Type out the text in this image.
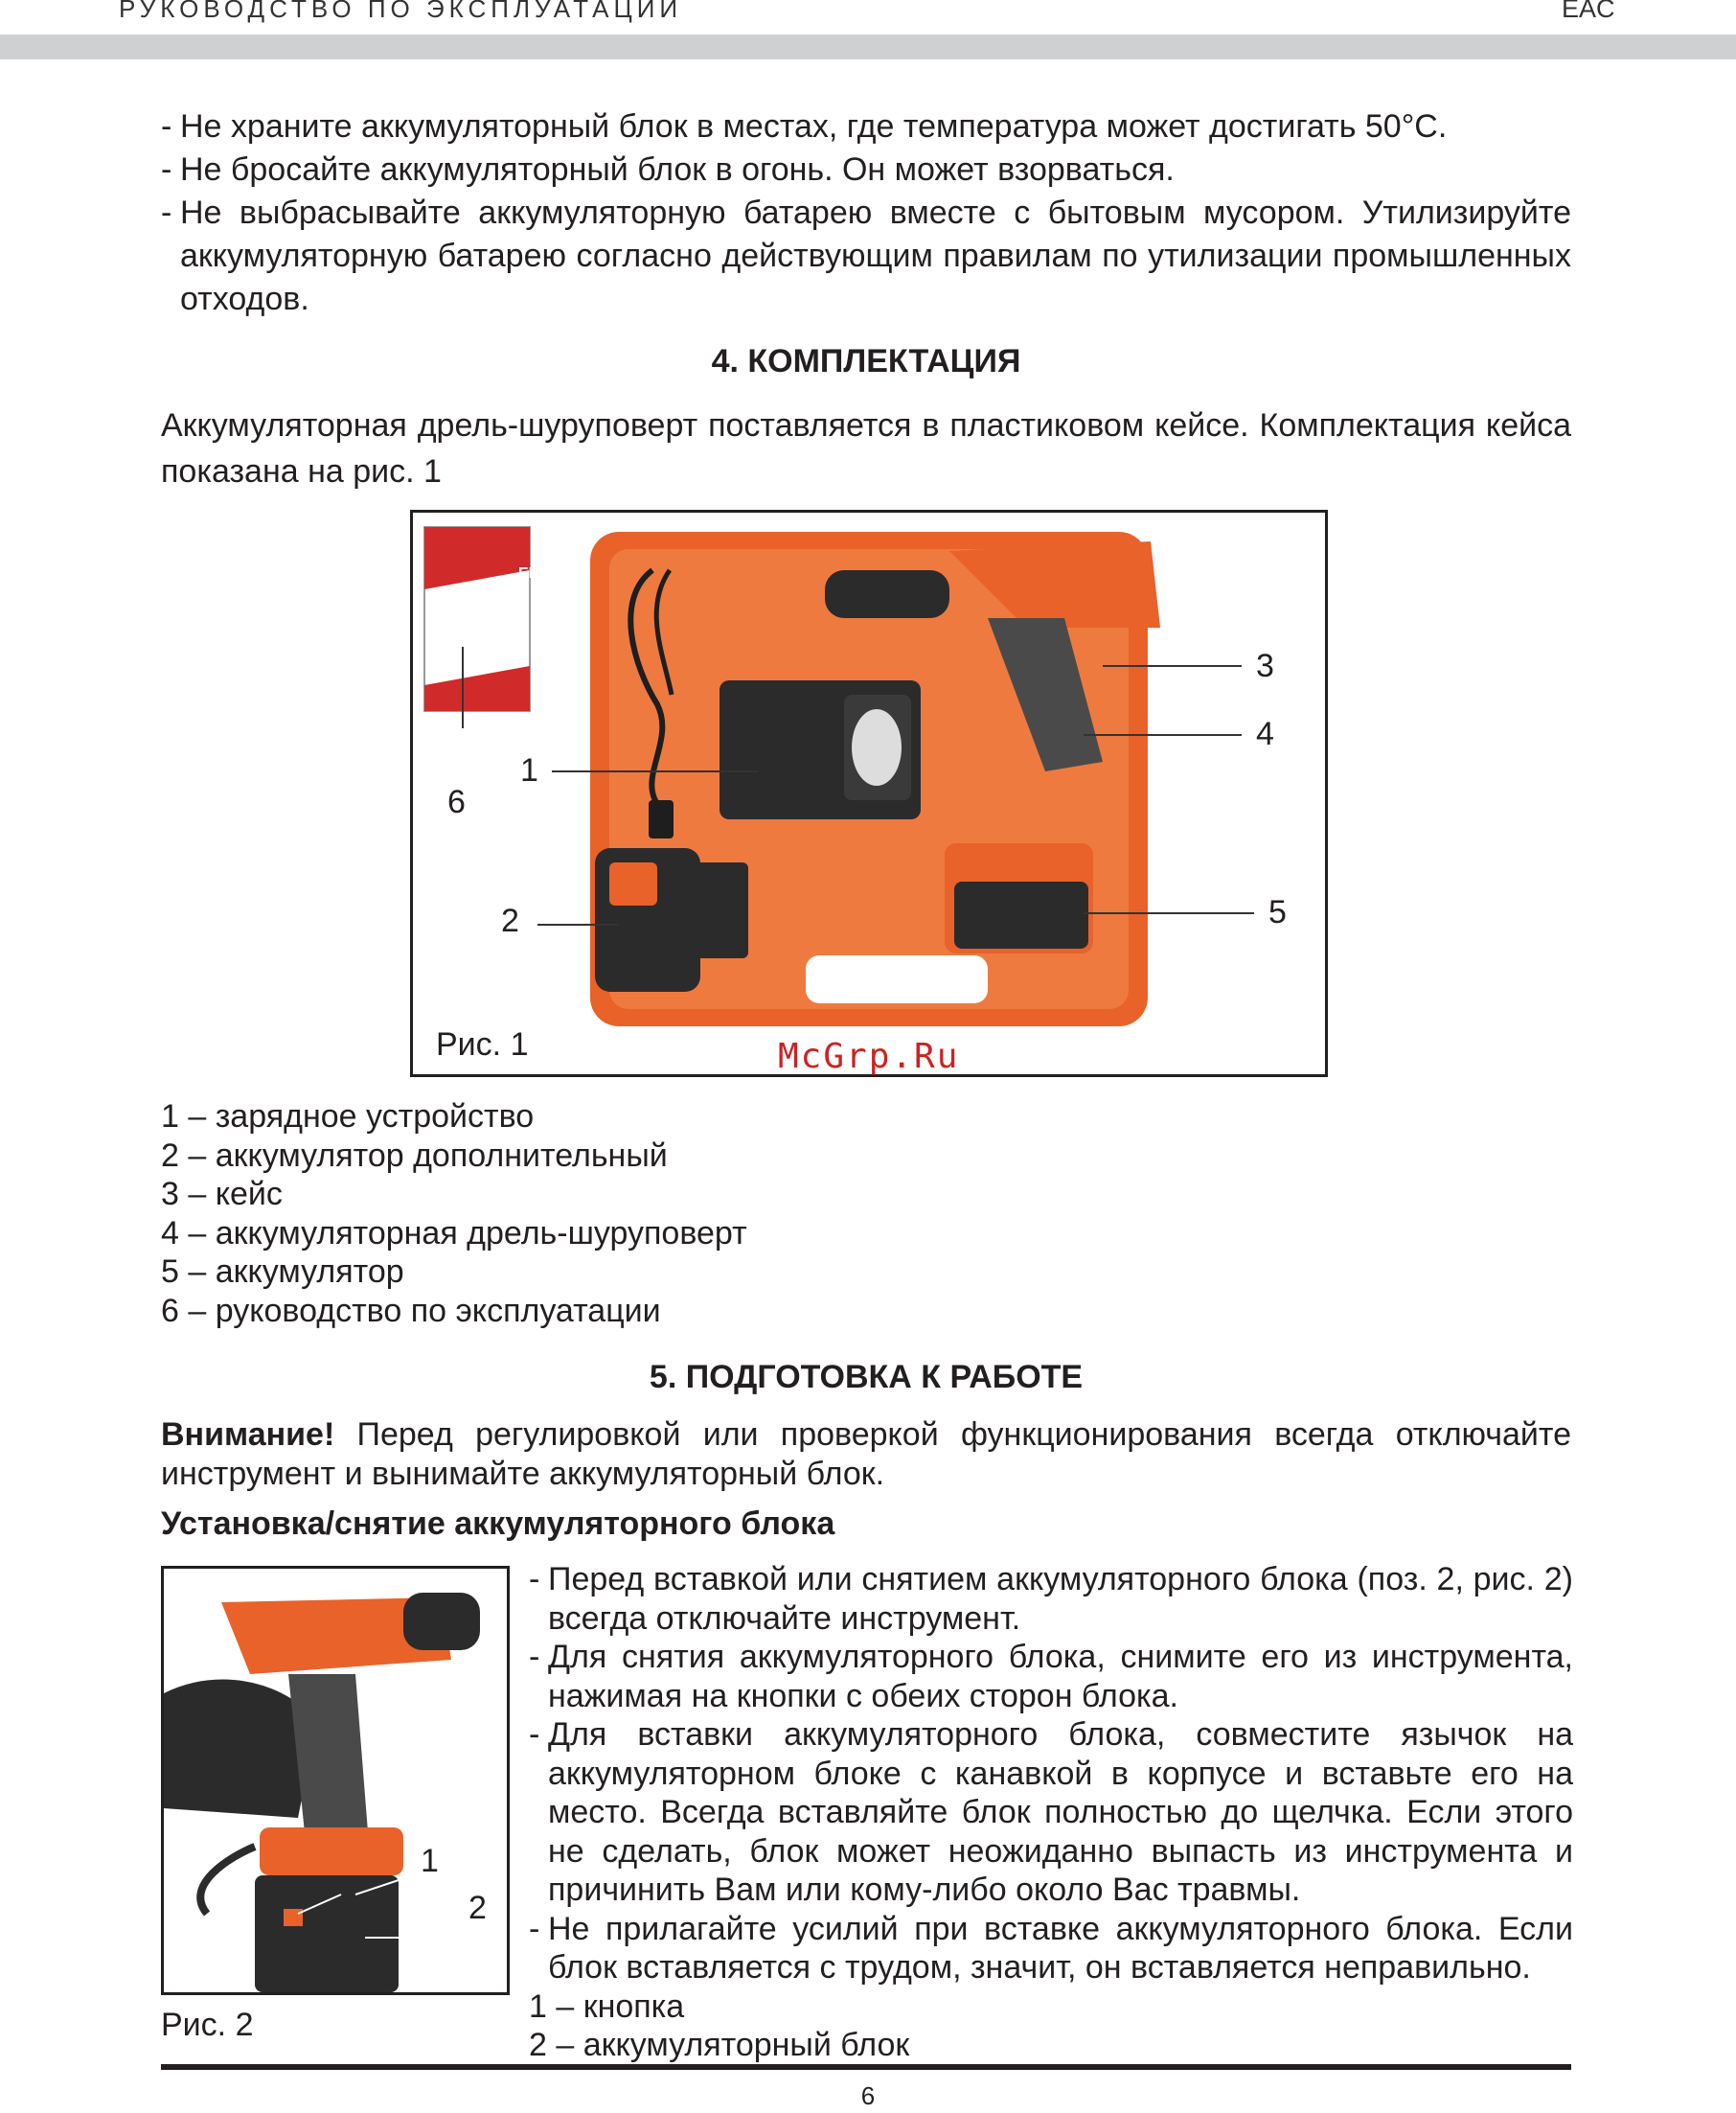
РУКОВОДСТВО ПО ЭКСПЛУАТАЦИИ	EAC
- Не храните аккумуляторный блок в местах, где температура может достигать 50°С.
- Не бросайте аккумуляторный блок в огонь. Он может взорваться.
- Не выбрасывайте аккумуляторную батарею вместе с бытовым мусором. Утилизируйте аккумуляторную батарею согласно действующим правилам по утилизации промышленных отходов.
4. КОМПЛЕКТАЦИЯ
Аккумуляторная дрель-шуруповерт поставляется в пластиковом кейсе. Комплектация кейса показана на рис. 1
ELITECH
3
4
1
6
2	5
Рис. 1	McGrp.Ru
1 – зарядное устройство
2 – аккумулятор дополнительный
3 – кейс
4 – аккумуляторная дрель-шуруповерт
5 – аккумулятор
6 – руководство по эксплуатации
5. ПОДГОТОВКА К РАБОТЕ
Внимание! Перед регулировкой или проверкой функционирования всегда отключайте инструмент и вынимайте аккумуляторный блок.
Установка/снятие аккумуляторного блока
1
2
Рис. 2
- Перед вставкой или снятием аккумуляторного блока (поз. 2, рис. 2) всегда отключайте инструмент.
- Для снятия аккумуляторного блока, снимите его из инструмента, нажимая на кнопки с обеих сторон блока.
- Для вставки аккумуляторного блока, совместите язычок на аккумуляторном блоке с канавкой в корпусе и вставьте его на место. Всегда вставляйте блок полностью до щелчка. Если этого не сделать, блок может неожиданно выпасть из инструмента и причинить Вам или кому-либо около Вас травмы.
- Не прилагайте усилий при вставке аккумуляторного блока. Если блок вставляется с трудом, значит, он вставляется неправильно.
1 – кнопка
2 – аккумуляторный блок
6
